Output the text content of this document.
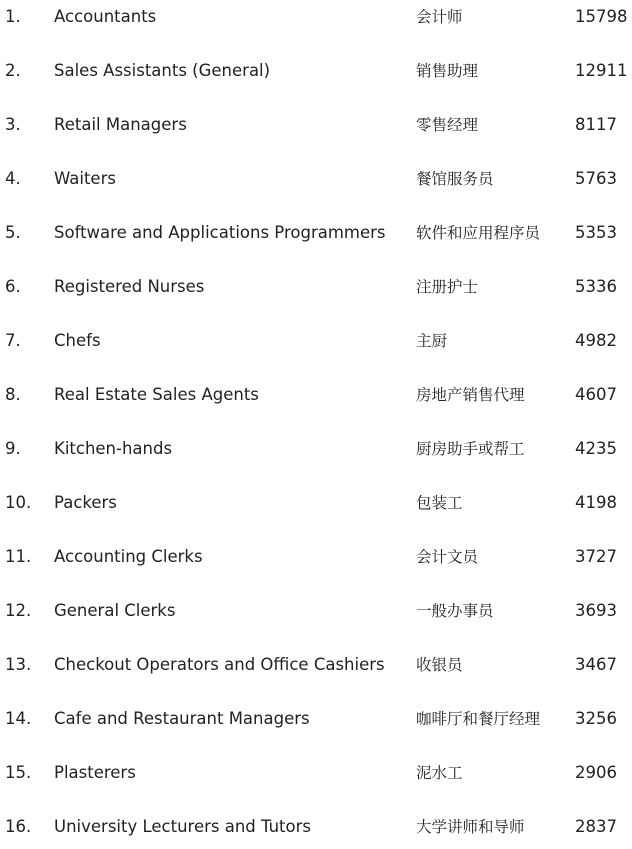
1. Accountants	会计师	15798
2. Sales Assistants (General)	销售助理	12911
3. Retail Managers	零售经理	8117
4. Waiters	餐馆服务员	5763
5. Software and Applications Programmers 软件和应用程序员 5353
6. Registered Nurses	注册护士	5336
7. Chefs	主厨	4982
8. Real Estate Sales Agents	房地产销售代理	4607
9. Kitchen-hands	厨房助手或帮工	4235
10. Packers	包装工	4198
11. Accounting Clerks	会计文员	3727
12. General Clerks	一般办事员	3693
13. Checkout Operators and Office Cashiers 收银员	3467
14. Cafe and Restaurant Managers	咖啡厅和餐厅经理 3256
15. Plasterers	泥水工	2906
16. University Lecturers and Tutors	大学讲师和导师	2837
